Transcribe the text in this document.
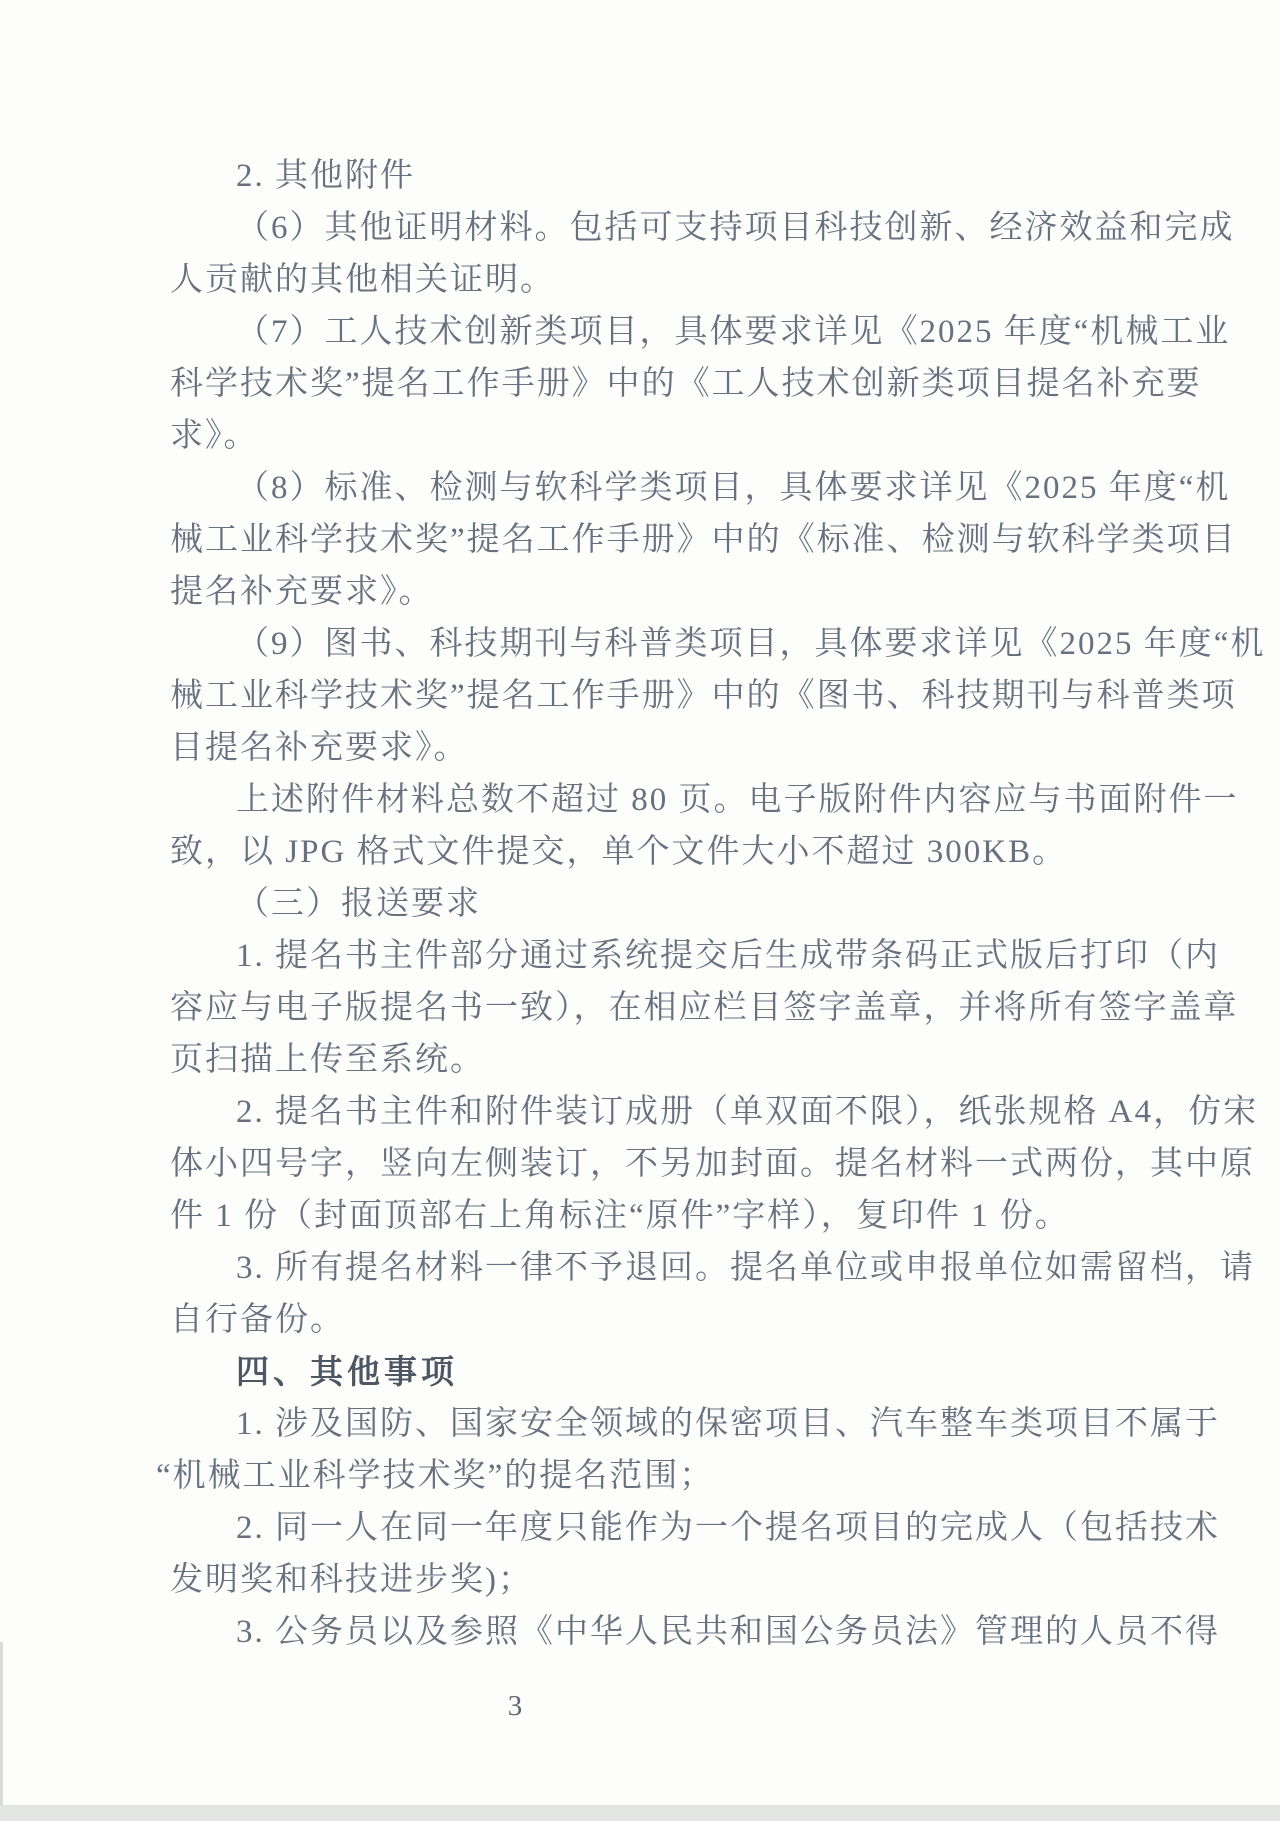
2. 其他附件
（6）其他证明材料。包括可支持项目科技创新、经济效益和完成
人贡献的其他相关证明。
（7）工人技术创新类项目，具体要求详见《2025 年度“机械工业
科学技术奖”提名工作手册》中的《工人技术创新类项目提名补充要
求》。
（8）标准、检测与软科学类项目，具体要求详见《2025 年度“机
械工业科学技术奖”提名工作手册》中的《标准、检测与软科学类项目
提名补充要求》。
（9）图书、科技期刊与科普类项目，具体要求详见《2025 年度“机
械工业科学技术奖”提名工作手册》中的《图书、科技期刊与科普类项
目提名补充要求》。
上述附件材料总数不超过 80 页。电子版附件内容应与书面附件一
致，以 JPG 格式文件提交，单个文件大小不超过 300KB。
（三）报送要求
1. 提名书主件部分通过系统提交后生成带条码正式版后打印（内
容应与电子版提名书一致），在相应栏目签字盖章，并将所有签字盖章
页扫描上传至系统。
2. 提名书主件和附件装订成册（单双面不限），纸张规格 A4，仿宋
体小四号字，竖向左侧装订，不另加封面。提名材料一式两份，其中原
件 1 份（封面顶部右上角标注“原件”字样），复印件 1 份。
3. 所有提名材料一律不予退回。提名单位或申报单位如需留档，请
自行备份。
四、其他事项
1. 涉及国防、国家安全领域的保密项目、汽车整车类项目不属于
“机械工业科学技术奖”的提名范围；
2. 同一人在同一年度只能作为一个提名项目的完成人（包括技术
发明奖和科技进步奖)；
3. 公务员以及参照《中华人民共和国公务员法》管理的人员不得
3
